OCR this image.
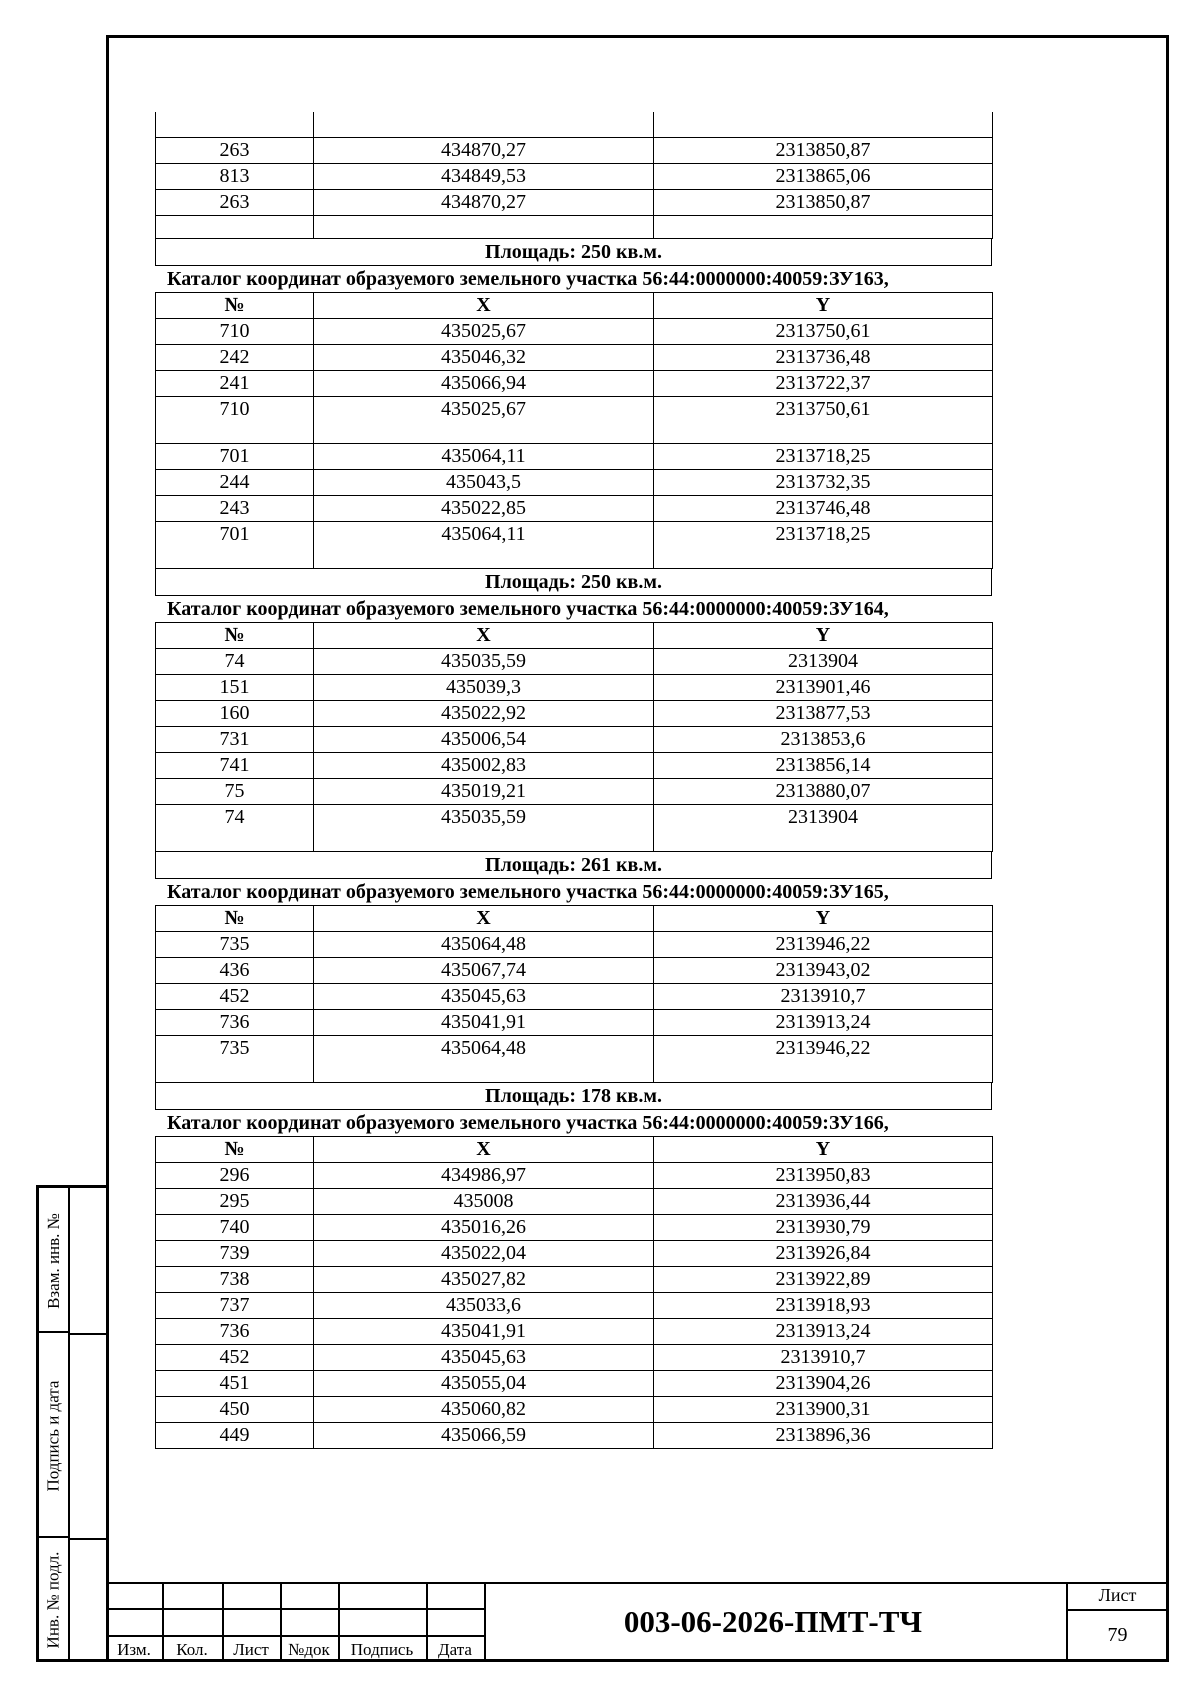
263	434870,27	2313850,87
813	434849,53	2313865,06
263	434870,27	2313850,87

Площадь: 250 кв.м.
Каталог координат образуемого земельного участка 56:44:0000000:40059:ЗУ163,
№	X	Y
710	435025,67	2313750,61
242	435046,32	2313736,48
241	435066,94	2313722,37
710	435025,67	2313750,61
701	435064,11	2313718,25
244	435043,5	2313732,35
243	435022,85	2313746,48
701	435064,11	2313718,25
Площадь: 250 кв.м.
Каталог координат образуемого земельного участка 56:44:0000000:40059:ЗУ164,
№	X	Y
74	435035,59	2313904
151	435039,3	2313901,46
160	435022,92	2313877,53
731	435006,54	2313853,6
741	435002,83	2313856,14
75	435019,21	2313880,07
74	435035,59	2313904
Площадь: 261 кв.м.
Каталог координат образуемого земельного участка 56:44:0000000:40059:ЗУ165,
№	X	Y
735	435064,48	2313946,22
436	435067,74	2313943,02
452	435045,63	2313910,7
736	435041,91	2313913,24
735	435064,48	2313946,22
Площадь: 178 кв.м.
Каталог координат образуемого земельного участка 56:44:0000000:40059:ЗУ166,
№	X	Y
296	434986,97	2313950,83
295	435008	2313936,44
740	435016,26	2313930,79
739	435022,04	2313926,84
738	435027,82	2313922,89
737	435033,6	2313918,93
736	435041,91	2313913,24
452	435045,63	2313910,7
451	435055,04	2313904,26
450	435060,82	2313900,31
449	435066,59	2313896,36
Взам. инв. №
Подпись и дата
Инв. № подл.
Изм.	Кол.	Лист	№док	Подпись	Дата
003-06-2026-ПМТ-ТЧ
Лист
79
